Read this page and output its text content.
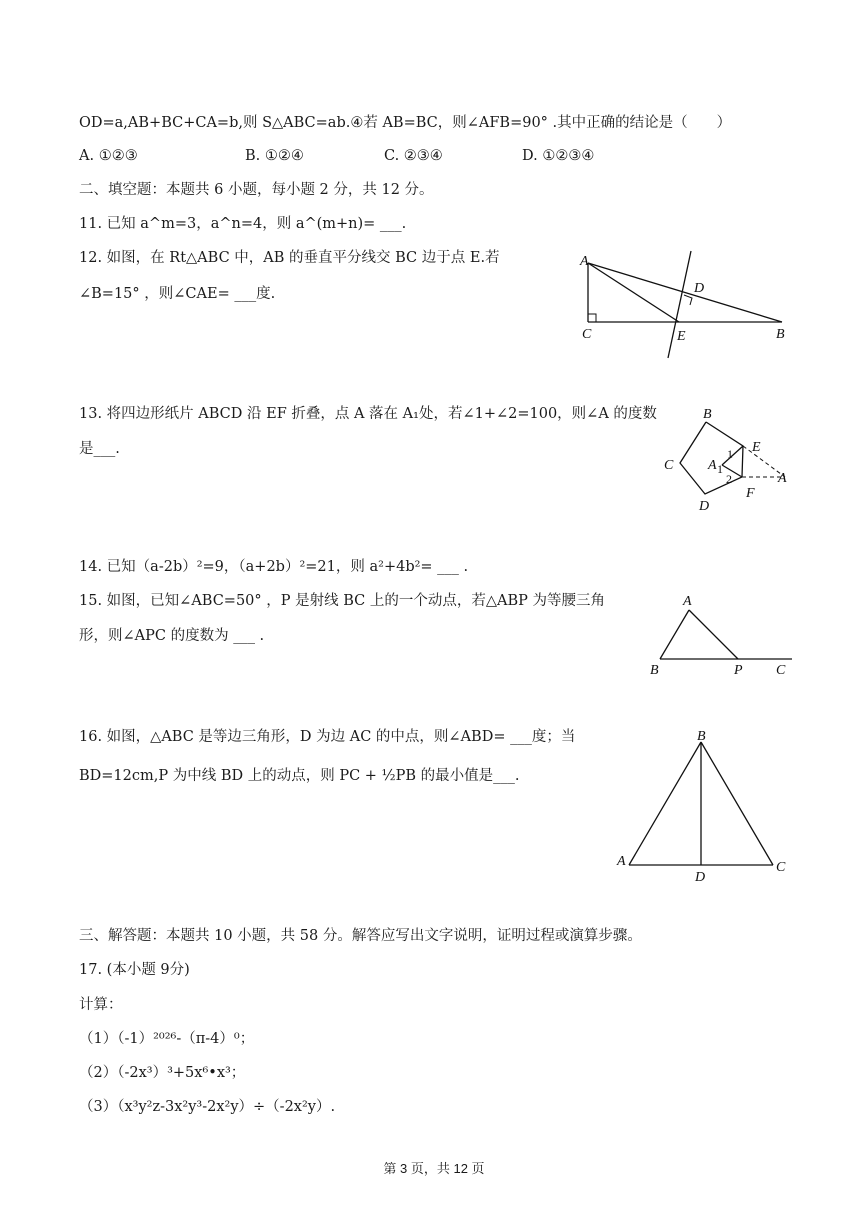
OD=a,AB+BC+CA=b,则 S△ABC=ab.④若 AB=BC，则∠AFB=90° .其中正确的结论是（　　）
A. ①②③	B. ①②④	C. ②③④	D. ①②③④
二、填空题：本题共 6 小题，每小题 2 分，共 12 分。
11. 已知 a^m=3，a^n=4，则 a^(m+n)= ___.
12. 如图，在 Rt△ABC 中，AB 的垂直平分线交 BC 边于点 E.若
∠B=15° ，则∠CAE= ___度.
A
D
C	E	B
13. 将四边形纸片 ABCD 沿 EF 折叠，点 A 落在 A₁处，若∠1+∠2=100，则∠A 的度数
是___.
B
E
C A 1
1
2	A
F
D
14. 已知（a-2b）²=9，（a+2b）²=21，则 a²+4b²= ___ .
15. 如图，已知∠ABC=50° ，P 是射线 BC 上的一个动点，若△ABP 为等腰三角
形，则∠APC 的度数为 ___ .
A
B	P C
16. 如图，△ABC 是等边三角形，D 为边 AC 的中点，则∠ABD= ___度；当
BD=12cm,P 为中线 BD 上的动点，则 PC + ½PB 的最小值是___.
B
A
D
C
三、解答题：本题共 10 小题，共 58 分。解答应写出文字说明，证明过程或演算步骤。
17. (本小题 9分)
计算：
（1）（-1）²⁰²⁶-（π-4）⁰；
（2）（-2x³）³+5x⁶•x³；
（3）（x³y²z-3x²y³-2x²y）÷（-2x²y）.
第 3 页，共 12 页
